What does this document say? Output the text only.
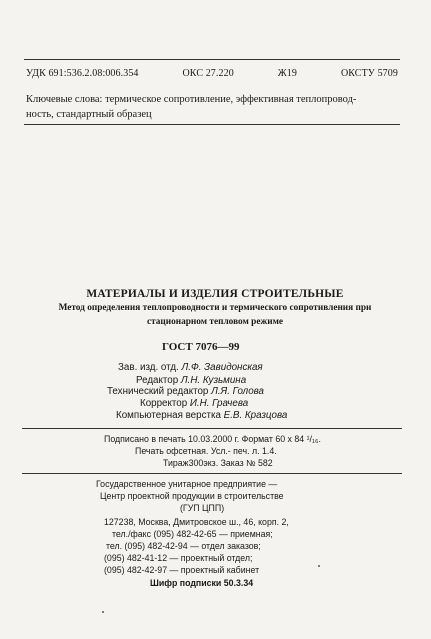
УДК 691:536.2.08:006.354	ОКС 27.220	Ж19	ОКСТУ 5709
Ключевые слова: термическое сопротивление, эффективная теплопровод-
ность, стандартный образец
МАТЕРИАЛЫ И ИЗДЕЛИЯ СТРОИТЕЛЬНЫЕ
Метод определения теплопроводности и термического сопротивления при
стационарном тепловом режиме
ГОСТ 7076—99
Зав. изд. отд. Л.Ф. Завидонская
Редактор Л.Н. Кузьмина
Технический редактор Л.Я. Голова
Корректор И.Н. Грачева
Компьютерная верстка Е.В. Кразцова
Подписано в печать 10.03.2000 г. Формат 60 х 84 ¹/₁₆.
Печать офсетная. Усл.- печ. л. 1.4.
Тираж300экз. Заказ № 582
Государственное унитарное предприятие —
Центр проектной продукции в строительстве
(ГУП ЦПП)
127238, Москва, Дмитровское ш., 46, корп. 2,
тел./факс (095) 482-42-65 — приемная;
тел. (095) 482-42-94 — отдел заказов;
(095) 482-41-12 — проектный отдел;
(095) 482-42-97 — проектный кабинет
Шифр подписки 50.3.34
